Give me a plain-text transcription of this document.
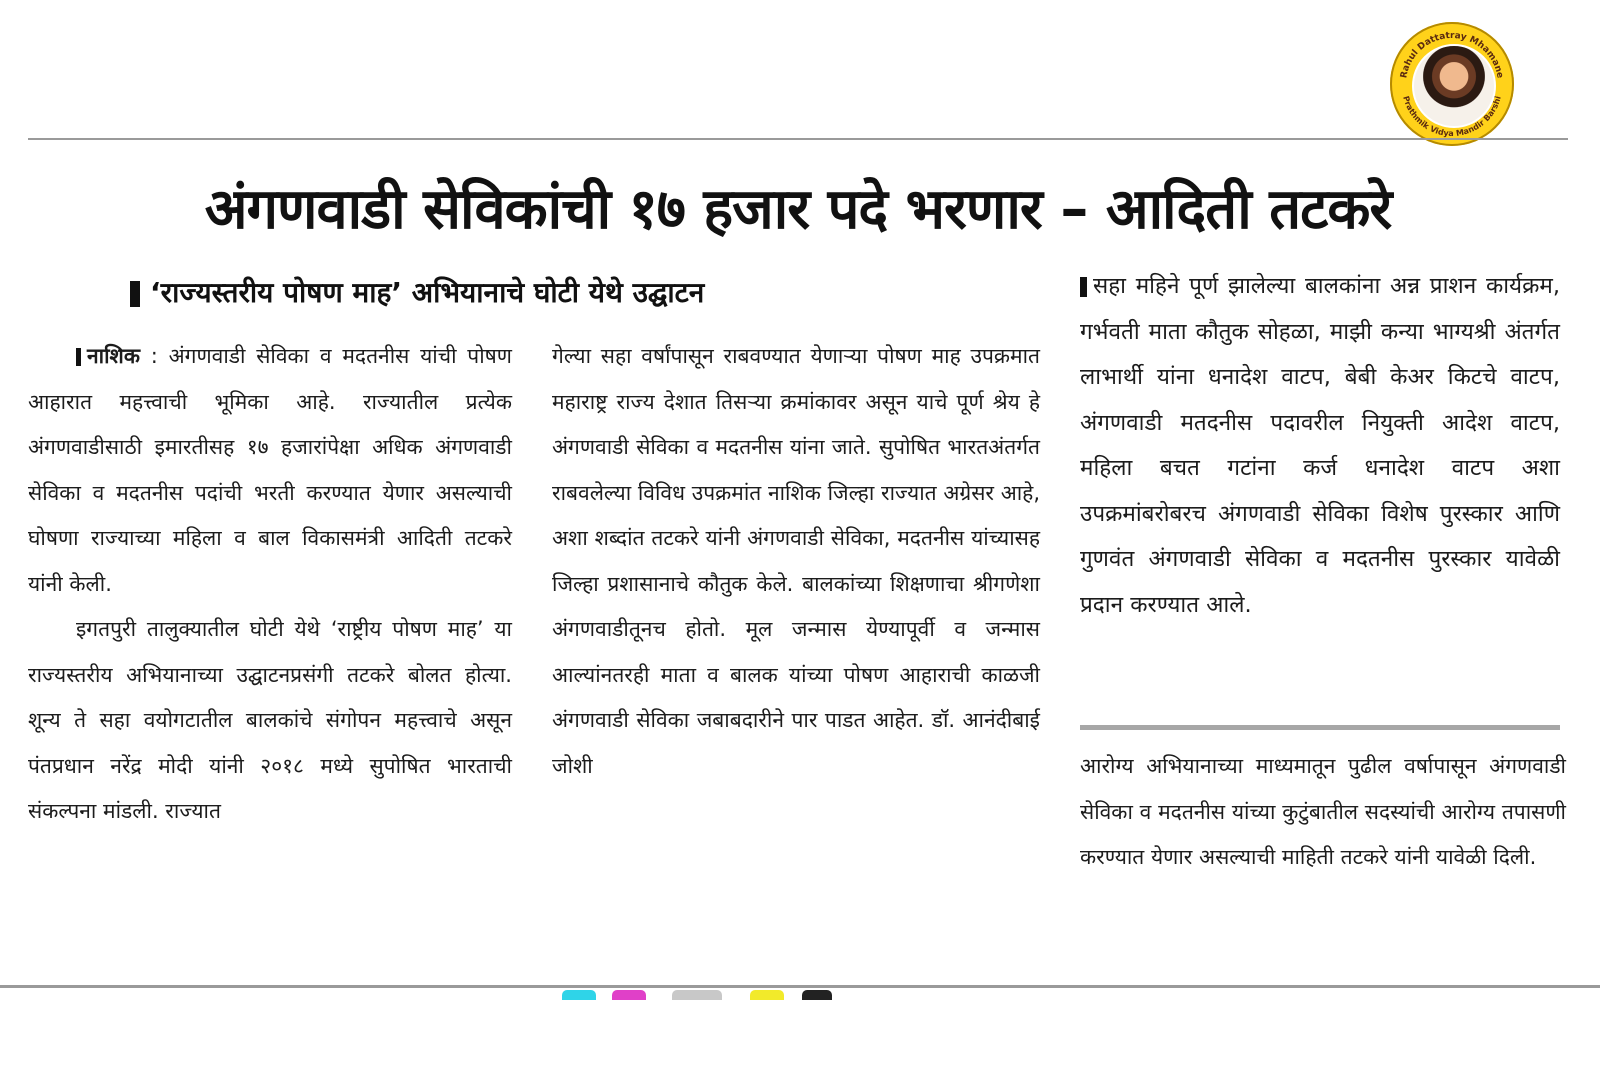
Rahul Dattatray Mhamane
Prathmik Vidya Mandir Barshi
अंगणवाडी सेविकांची १७ हजार पदे भरणार – आदिती तटकरे
‘राज्यस्तरीय पोषण माह’ अभियानाचे घोटी येथे उद्घाटन

नाशिक : अंगणवाडी सेविका व मदतनीस यांची पोषण आहारात महत्त्वाची भूमिका आहे. राज्यातील प्रत्येक अंगणवाडीसाठी इमारतीसह १७ हजारांपेक्षा अधिक अंगणवाडी सेविका व मदतनीस पदांची भरती करण्यात येणार असल्याची घोषणा राज्याच्या महिला व बाल विकासमंत्री आदिती तटकरे यांनी केली.

इगतपुरी तालुक्यातील घोटी येथे ‘राष्ट्रीय पोषण माह’ या राज्यस्तरीय अभियानाच्या उद्घाटनप्रसंगी तटकरे बोलत होत्या. शून्य ते सहा वयोगटातील बालकांचे संगोपन महत्त्वाचे असून पंतप्रधान नरेंद्र मोदी यांनी २०१८ मध्ये सुपोषित भारताची संकल्पना मांडली. राज्यात

गेल्या सहा वर्षांपासून राबवण्यात येणाऱ्या पोषण माह उपक्रमात महाराष्ट्र राज्य देशात तिसऱ्या क्रमांकावर असून याचे पूर्ण श्रेय हे अंगणवाडी सेविका व मदतनीस यांना जाते. सुपोषित भारतअंतर्गत राबवलेल्या विविध उपक्रमांत नाशिक जिल्हा राज्यात अग्रेसर आहे, अशा शब्दांत तटकरे यांनी अंगणवाडी सेविका, मदतनीस यांच्यासह जिल्हा प्रशासानाचे कौतुक केले. बालकांच्या शिक्षणाचा श्रीगणेशा अंगणवाडीतूनच होतो. मूल जन्मास येण्यापूर्वी व जन्मास आल्यांनतरही माता व बालक यांच्या पोषण आहाराची काळजी अंगणवाडी सेविका जबाबदारीने पार पाडत आहेत. डॉ. आनंदीबाई जोशी

सहा महिने पूर्ण झालेल्या बालकांना अन्न प्राशन कार्यक्रम, गर्भवती माता कौतुक सोहळा, माझी कन्या भाग्यश्री अंतर्गत लाभार्थी यांना धनादेश वाटप, बेबी केअर किटचे वाटप, अंगणवाडी मतदनीस पदावरील नियुक्ती आदेश वाटप, महिला बचत गटांना कर्ज धनादेश वाटप अशा उपक्रमांबरोबरच अंगणवाडी सेविका विशेष पुरस्कार आणि गुणवंत अंगणवाडी सेविका व मदतनीस पुरस्कार यावेळी प्रदान करण्यात आले.

आरोग्य अभियानाच्या माध्यमातून पुढील वर्षापासून अंगणवाडी सेविका व मदतनीस यांच्या कुटुंबातील सदस्यांची आरोग्य तपासणी करण्यात येणार असल्याची माहिती तटकरे यांनी यावेळी दिली.
